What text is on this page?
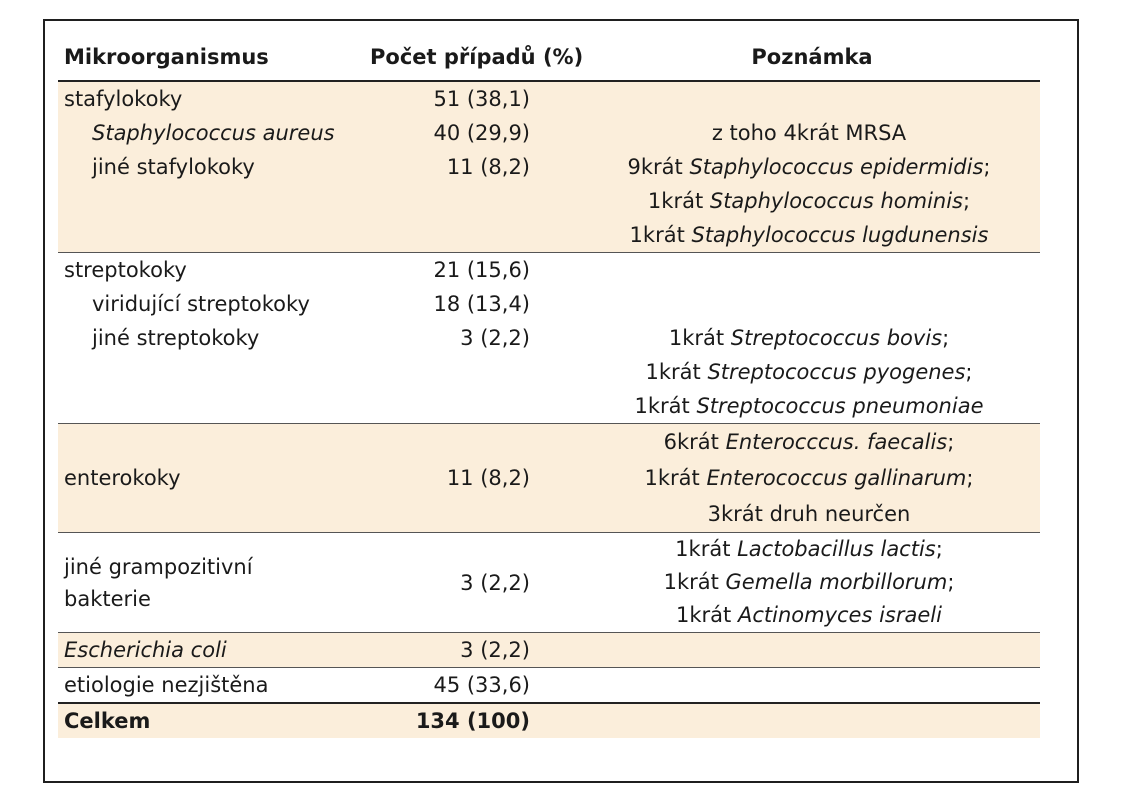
Mikroorganismus	Počet případů (%)	Poznámka
stafylokoky	51 (38,1)	
Staphylococcus aureus	40 (29,9)	z toho 4krát MRSA

jiné stafylokoky	11 (8,2)	9krát Staphylococcus epidermidis;
1krát Staphylococcus hominis;
1krát Staphylococcus lugdunensis

streptokoky	21 (15,6)	
viridující streptokoky	18 (13,4)	
jiné streptokoky	3 (2,2)	1krát Streptococcus bovis;
1krát Streptococcus pyogenes;
1krát Streptococcus pneumoniae

enterokoky	11 (8,2)	6krát Enterocccus. faecalis;
1krát Enterococcus gallinarum;
3krát druh neurčen

jiné grampozitivní
bakterie	3 (2,2)	1krát Lactobacillus lactis;
1krát Gemella morbillorum;
1krát Actinomyces israeli

Escherichia coli	3 (2,2)	
etiologie nezjištěna	45 (33,6)	
Celkem	134 (100)	
